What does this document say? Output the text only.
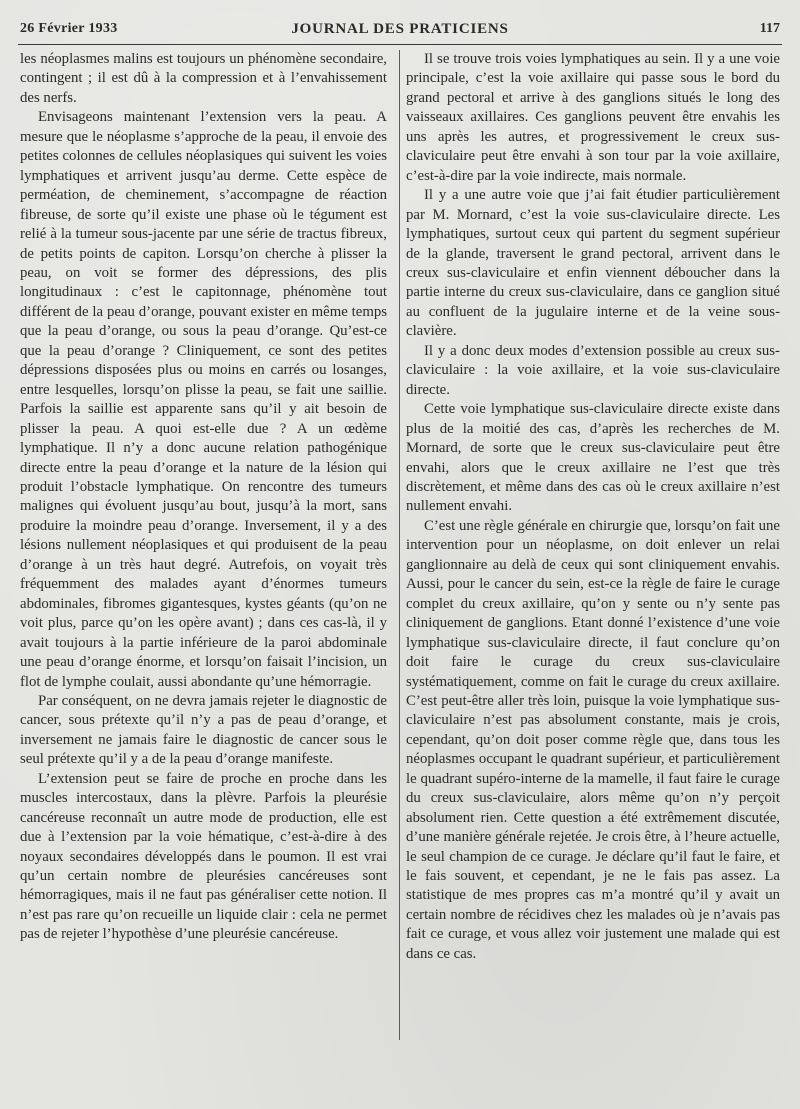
26 Février 1933	JOURNAL DES PRATICIENS	117

les néoplasmes malins est toujours un phénomène secondaire, contingent ; il est dû à la compression et à l’envahissement des nerfs.

Envisageons maintenant l’extension vers la peau. A mesure que le néoplasme s’approche de la peau, il envoie des petites colonnes de cellules néoplasiques qui suivent les voies lymphatiques et arrivent jusqu’au derme. Cette espèce de perméation, de cheminement, s’accompagne de réaction fibreuse, de sorte qu’il existe une phase où le tégument est relié à la tumeur sous-jacente par une série de tractus fibreux, de petits points de capiton. Lorsqu’on cherche à plisser la peau, on voit se former des dépressions, des plis longitudinaux : c’est le capitonnage, phénomène tout différent de la peau d’orange, pouvant exister en même temps que la peau d’orange, ou sous la peau d’orange. Qu’est-ce que la peau d’orange ? Cliniquement, ce sont des petites dépressions disposées plus ou moins en carrés ou losanges, entre lesquelles, lorsqu’on plisse la peau, se fait une saillie. Parfois la saillie est apparente sans qu’il y ait besoin de plisser la peau. A quoi est-elle due ? A un œdème lymphatique. Il n’y a donc aucune relation pathogénique directe entre la peau d’orange et la nature de la lésion qui produit l’obstacle lymphatique. On rencontre des tumeurs malignes qui évoluent jusqu’au bout, jusqu’à la mort, sans produire la moindre peau d’orange. Inversement, il y a des lésions nullement néoplasiques et qui produisent de la peau d’orange à un très haut degré. Autrefois, on voyait très fréquemment des malades ayant d’énormes tumeurs abdominales, fibromes gigantesques, kystes géants (qu’on ne voit plus, parce qu’on les opère avant) ; dans ces cas-là, il y avait toujours à la partie inférieure de la paroi abdominale une peau d’orange énorme, et lorsqu’on faisait l’incision, un flot de lymphe coulait, aussi abondante qu’une hémorragie.

Par conséquent, on ne devra jamais rejeter le diagnostic de cancer, sous prétexte qu’il n’y a pas de peau d’orange, et inversement ne jamais faire le diagnostic de cancer sous le seul prétexte qu’il y a de la peau d’orange manifeste.

L’extension peut se faire de proche en proche dans les muscles intercostaux, dans la plèvre. Parfois la pleurésie cancéreuse reconnaît un autre mode de production, elle est due à l’extension par la voie hématique, c’est-à-dire à des noyaux secondaires développés dans le poumon. Il est vrai qu’un certain nombre de pleurésies cancéreuses sont hémorragiques, mais il ne faut pas généraliser cette notion. Il n’est pas rare qu’on recueille un liquide clair : cela ne permet pas de rejeter l’hypothèse d’une pleurésie cancéreuse.

Il se trouve trois voies lymphatiques au sein. Il y a une voie principale, c’est la voie axillaire qui passe sous le bord du grand pectoral et arrive à des ganglions situés le long des vaisseaux axillaires. Ces ganglions peuvent être envahis les uns après les autres, et progressivement le creux sus-claviculaire peut être envahi à son tour par la voie axillaire, c’est-à-dire par la voie indirecte, mais normale.

Il y a une autre voie que j’ai fait étudier particulièrement par M. Mornard, c’est la voie sus-claviculaire directe. Les lymphatiques, surtout ceux qui partent du segment supérieur de la glande, traversent le grand pectoral, arrivent dans le creux sus-claviculaire et enfin viennent déboucher dans la partie interne du creux sus-claviculaire, dans ce ganglion situé au confluent de la jugulaire interne et de la veine sous-clavière.

Il y a donc deux modes d’extension possible au creux sus-claviculaire : la voie axillaire, et la voie sus-claviculaire directe.

Cette voie lymphatique sus-claviculaire directe existe dans plus de la moitié des cas, d’après les recherches de M. Mornard, de sorte que le creux sus-claviculaire peut être envahi, alors que le creux axillaire ne l’est que très discrètement, et même dans des cas où le creux axillaire n’est nullement envahi.

C’est une règle générale en chirurgie que, lorsqu’on fait une intervention pour un néoplasme, on doit enlever un relai ganglionnaire au delà de ceux qui sont cliniquement envahis. Aussi, pour le cancer du sein, est-ce la règle de faire le curage complet du creux axillaire, qu’on y sente ou n’y sente pas cliniquement de ganglions. Etant donné l’existence d’une voie lymphatique sus-claviculaire directe, il faut conclure qu’on doit faire le curage du creux sus-claviculaire systématiquement, comme on fait le curage du creux axillaire. C’est peut-être aller très loin, puisque la voie lymphatique sus-claviculaire n’est pas absolument constante, mais je crois, cependant, qu’on doit poser comme règle que, dans tous les néoplasmes occupant le quadrant supérieur, et particulièrement le quadrant supéro-interne de la mamelle, il faut faire le curage du creux sus-claviculaire, alors même qu’on n’y perçoit absolument rien. Cette question a été extrêmement discutée, d’une manière générale rejetée. Je crois être, à l’heure actuelle, le seul champion de ce curage. Je déclare qu’il faut le faire, et le fais souvent, et cependant, je ne le fais pas assez. La statistique de mes propres cas m’a montré qu’il y avait un certain nombre de récidives chez les malades où je n’avais pas fait ce curage, et vous allez voir justement une malade qui est dans ce cas.
